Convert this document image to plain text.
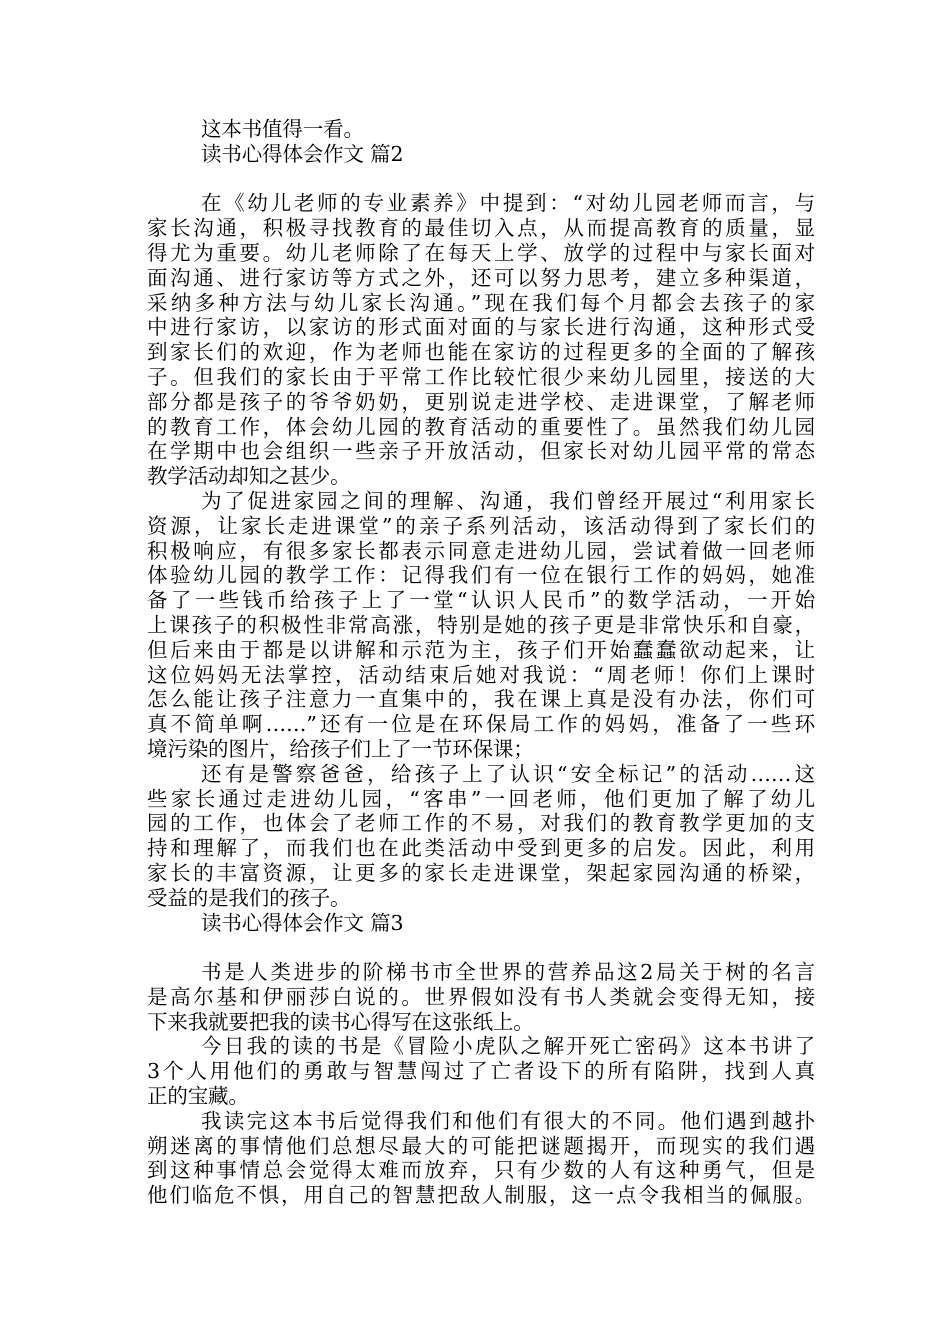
这本书值得一看。
读书心得体会作文 篇2
在《幼儿老师的专业素养》中提到：“对幼儿园老师而言，与
家长沟通，积极寻找教育的最佳切入点，从而提高教育的质量，显
得尤为重要。幼儿老师除了在每天上学、放学的过程中与家长面对
面沟通、进行家访等方式之外，还可以努力思考，建立多种渠道，
采纳多种方法与幼儿家长沟通。”现在我们每个月都会去孩子的家
中进行家访，以家访的形式面对面的与家长进行沟通，这种形式受
到家长们的欢迎，作为老师也能在家访的过程更多的全面的了解孩
子。但我们的家长由于平常工作比较忙很少来幼儿园里，接送的大
部分都是孩子的爷爷奶奶，更别说走进学校、走进课堂，了解老师
的教育工作，体会幼儿园的教育活动的重要性了。虽然我们幼儿园
在学期中也会组织一些亲子开放活动，但家长对幼儿园平常的常态
教学活动却知之甚少。
为了促进家园之间的理解、沟通，我们曾经开展过“利用家长
资源，让家长走进课堂”的亲子系列活动，该活动得到了家长们的
积极响应，有很多家长都表示同意走进幼儿园，尝试着做一回老师
体验幼儿园的教学工作：记得我们有一位在银行工作的妈妈，她准
备了一些钱币给孩子上了一堂“认识人民币”的数学活动，一开始
上课孩子的积极性非常高涨，特别是她的孩子更是非常快乐和自豪，
但后来由于都是以讲解和示范为主，孩子们开始蠢蠢欲动起来，让
这位妈妈无法掌控，活动结束后她对我说：“周老师！你们上课时
怎么能让孩子注意力一直集中的，我在课上真是没有办法，你们可
真不简单啊……”还有一位是在环保局工作的妈妈，准备了一些环
境污染的图片，给孩子们上了一节环保课；
还有是警察爸爸，给孩子上了认识“安全标记”的活动……这
些家长通过走进幼儿园，“客串”一回老师，他们更加了解了幼儿
园的工作，也体会了老师工作的不易，对我们的教育教学更加的支
持和理解了，而我们也在此类活动中受到更多的启发。因此，利用
家长的丰富资源，让更多的家长走进课堂，架起家园沟通的桥梁，
受益的是我们的孩子。
读书心得体会作文 篇3
书是人类进步的阶梯书市全世界的营养品这2局关于树的名言
是高尔基和伊丽莎白说的。世界假如没有书人类就会变得无知，接
下来我就要把我的读书心得写在这张纸上。
今日我的读的书是《冒险小虎队之解开死亡密码》这本书讲了
3个人用他们的勇敢与智慧闯过了亡者设下的所有陷阱，找到人真
正的宝藏。
我读完这本书后觉得我们和他们有很大的不同。他们遇到越扑
朔迷离的事情他们总想尽最大的可能把谜题揭开，而现实的我们遇
到这种事情总会觉得太难而放弃，只有少数的人有这种勇气，但是
他们临危不惧，用自己的智慧把敌人制服，这一点令我相当的佩服。
